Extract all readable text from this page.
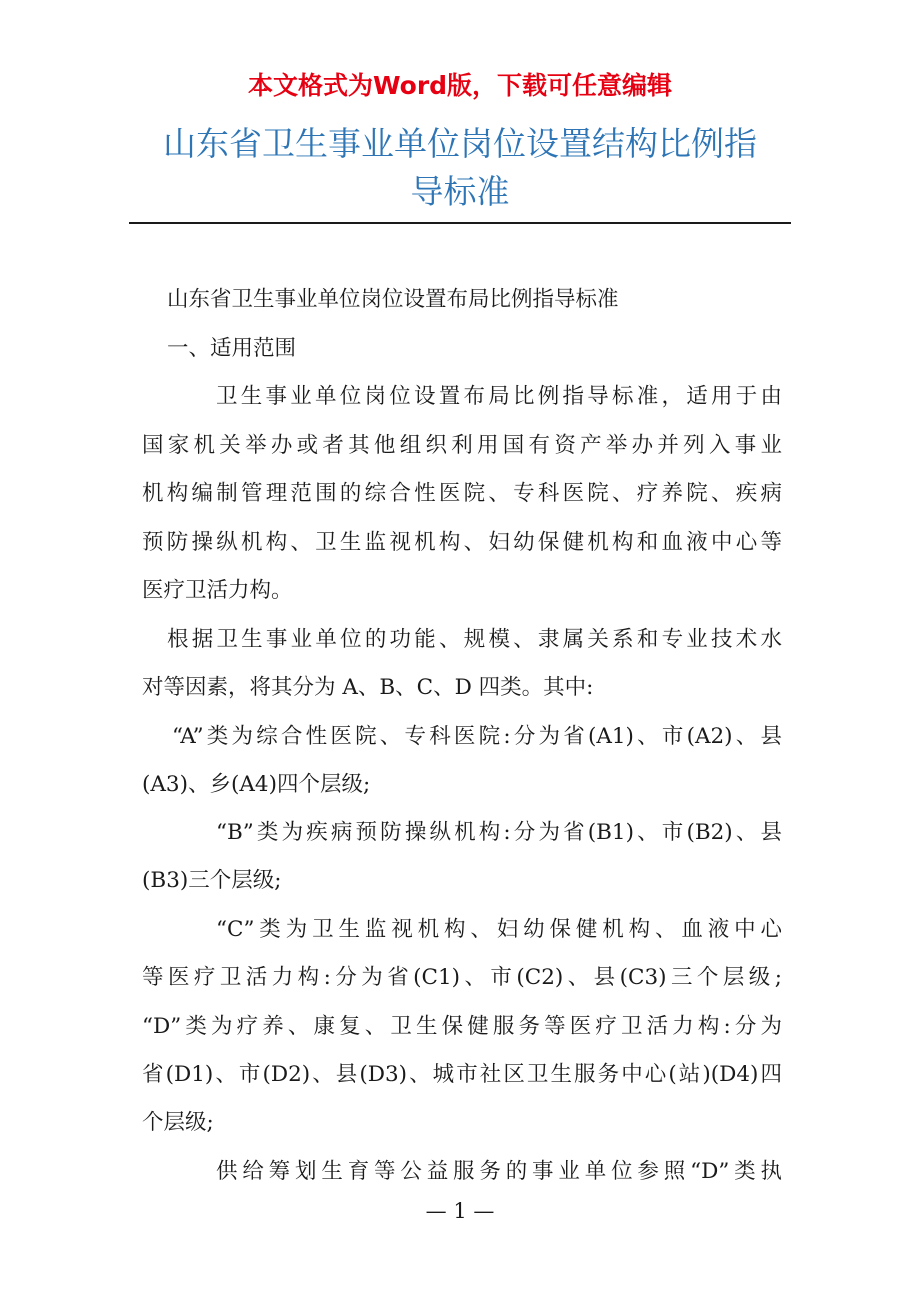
本文格式为Word版，下载可任意编辑
山东省卫生事业单位岗位设置结构比例指
导标准
山东省卫生事业单位岗位设置布局比例指导标准
一、适用范围
卫生事业单位岗位设置布局比例指导标准，适用于由
国家机关举办或者其他组织利用国有资产举办并列入事业
机构编制管理范围的综合性医院、专科医院、疗养院、疾病
预防操纵机构、卫生监视机构、妇幼保健机构和血液中心等
医疗卫活力构。
根据卫生事业单位的功能、规模、隶属关系和专业技术水
对等因素，将其分为 A、B、C、D 四类。其中:
“A”类为综合性医院、专科医院:分为省(A1)、市(A2)、县
(A3)、乡(A4)四个层级;
“B”类为疾病预防操纵机构:分为省(B1)、市(B2)、县
(B3)三个层级;
“C”类为卫生监视机构、妇幼保健机构、血液中心
等医疗卫活力构:分为省(C1)、市(C2)、县(C3)三个层级;
“D”类为疗养、康复、卫生保健服务等医疗卫活力构:分为
省(D1)、市(D2)、县(D3)、城市社区卫生服务中心(站)(D4)四
个层级;
供给筹划生育等公益服务的事业单位参照“D”类执
— 1 —
